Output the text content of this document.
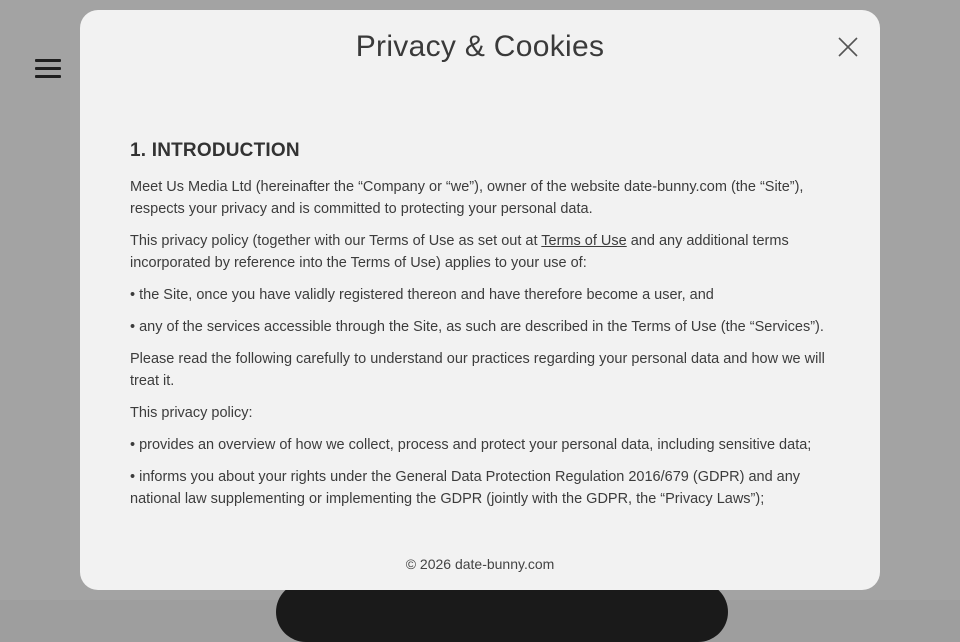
Privacy & Cookies
1. INTRODUCTION

Meet Us Media Ltd (hereinafter the “Company or “we”), owner of the website date-bunny.com (the “Site”), respects your privacy and is committed to protecting your personal data.

This privacy policy (together with our Terms of Use as set out at Terms of Use and any additional terms incorporated by reference into the Terms of Use) applies to your use of:

• the Site, once you have validly registered thereon and have therefore become a user, and

• any of the services accessible through the Site, as such are described in the Terms of Use (the “Services”).

Please read the following carefully to understand our practices regarding your personal data and how we will treat it.

This privacy policy:

• provides an overview of how we collect, process and protect your personal data, including sensitive data;

• informs you about your rights under the General Data Protection Regulation 2016/679 (GDPR) and any national law supplementing or implementing the GDPR (jointly with the GDPR, the “Privacy Laws”);

© 2026 date-bunny.com
